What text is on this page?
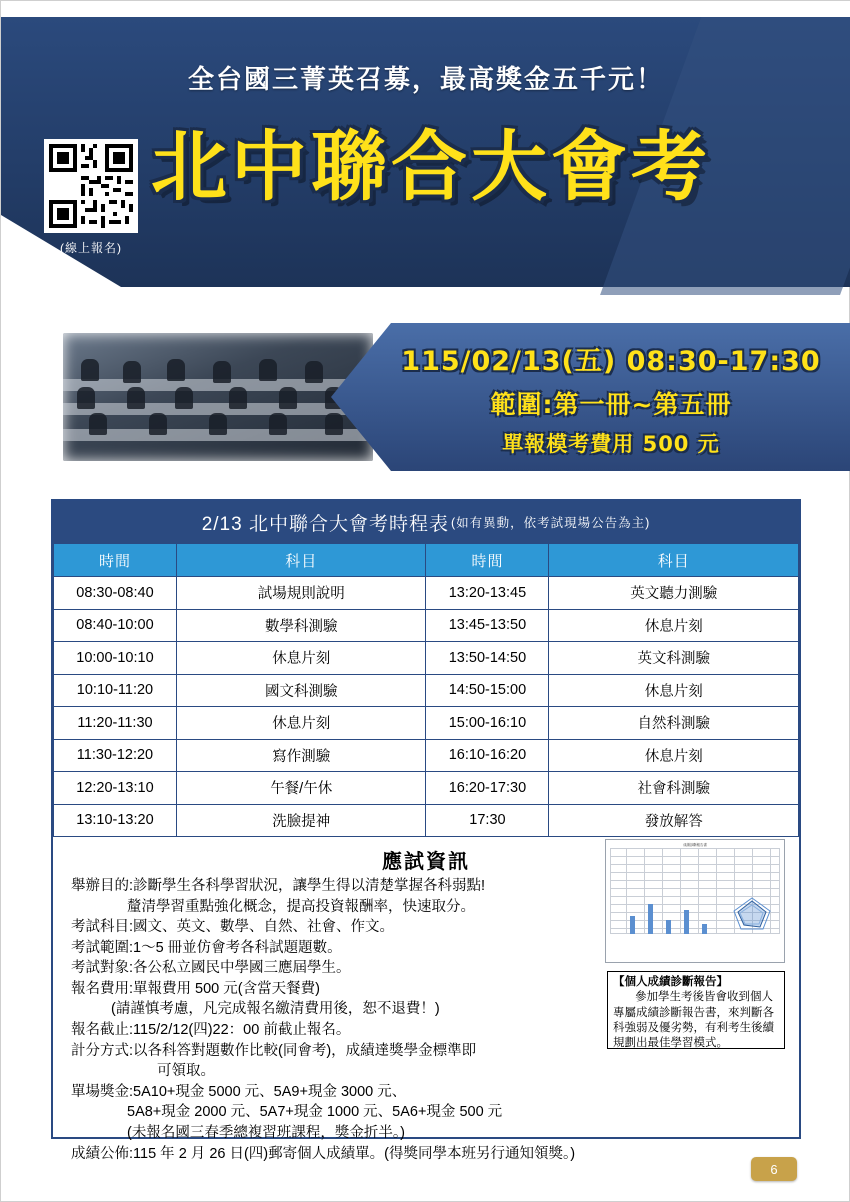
全台國三菁英召募，最高獎金五千元！
(線上報名)
北中聯合大會考
115/02/13(五) 08:30-17:30
範圍:第一冊~第五冊
單報模考費用 500 元
2/13 北中聯合大會考時程表 (如有異動，依考試現場公告為主)
時間	科目	時間	科目
08:30-08:40	試場規則說明	13:20-13:45	英文聽力測驗
08:40-10:00	數學科測驗	13:45-13:50	休息片刻
10:00-10:10	休息片刻	13:50-14:50	英文科測驗
10:10-11:20	國文科測驗	14:50-15:00	休息片刻
11:20-11:30	休息片刻	15:00-16:10	自然科測驗
11:30-12:20	寫作測驗	16:10-16:20	休息片刻
12:20-13:10	午餐/午休	16:20-17:30	社會科測驗
13:10-13:20	洗臉提神	17:30	發放解答
應試資訊
成績診斷報告書
【個人成績診斷報告】
參加學生考後皆會收到個人專屬成績診斷報告書，來判斷各科強弱及優劣勢，有利考生後續規劃出最佳學習模式。
舉辦目的:診斷學生各科學習狀況，讓學生得以清楚掌握各科弱點!
釐清學習重點強化概念，提高投資報酬率，快速取分。
考試科目:國文、英文、數學、自然、社會、作文。
考試範圍:1～5 冊並仿會考各科試題題數。
考試對象:各公私立國民中學國三應屆學生。
報名費用:單報費用 500 元(含當天餐費)
(請謹慎考慮，凡完成報名繳清費用後，恕不退費！)
報名截止:115/2/12(四)22：00 前截止報名。
計分方式:以各科答對題數作比較(同會考)，成績達獎學金標準即
可領取。
單場獎金:5A10+現金 5000 元、5A9+現金 3000 元、
5A8+現金 2000 元、5A7+現金 1000 元、5A6+現金 500 元
(未報名國三春季總複習班課程，獎金折半。)
成績公佈:115 年 2 月 26 日(四)郵寄個人成績單。(得獎同學本班另行通知領獎。)
6
